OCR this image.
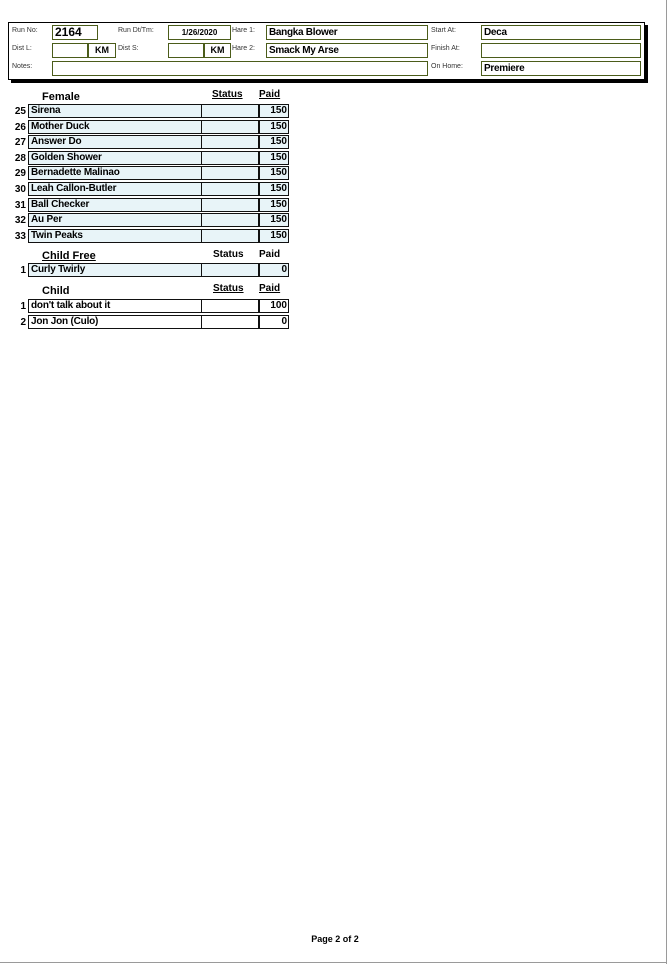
Run No: 2164	Run Dt/Tm:	1/26/2020	Hare 1:	Bangka Blower	Start At:	Deca
Dist L:	KM	Dist S:	KM	Hare 2:	Smack My Arse	Finish At:
Notes:	On Home:	Premiere
Female	Status Paid
25 Sirena	150
26 Mother Duck	150
27 Answer Do	150
28 Golden Shower	150
29 Bernadette Malinao	150
30 Leah Callon-Butler	150
31 Ball Checker	150
32 Au Per	150
33 Twin Peaks	150
Child Free	Status Paid
1 Curly Twirly	0
Child	Status Paid
1 don't talk about it	100
2 Jon Jon (Culo)	0
Page 2 of 2
